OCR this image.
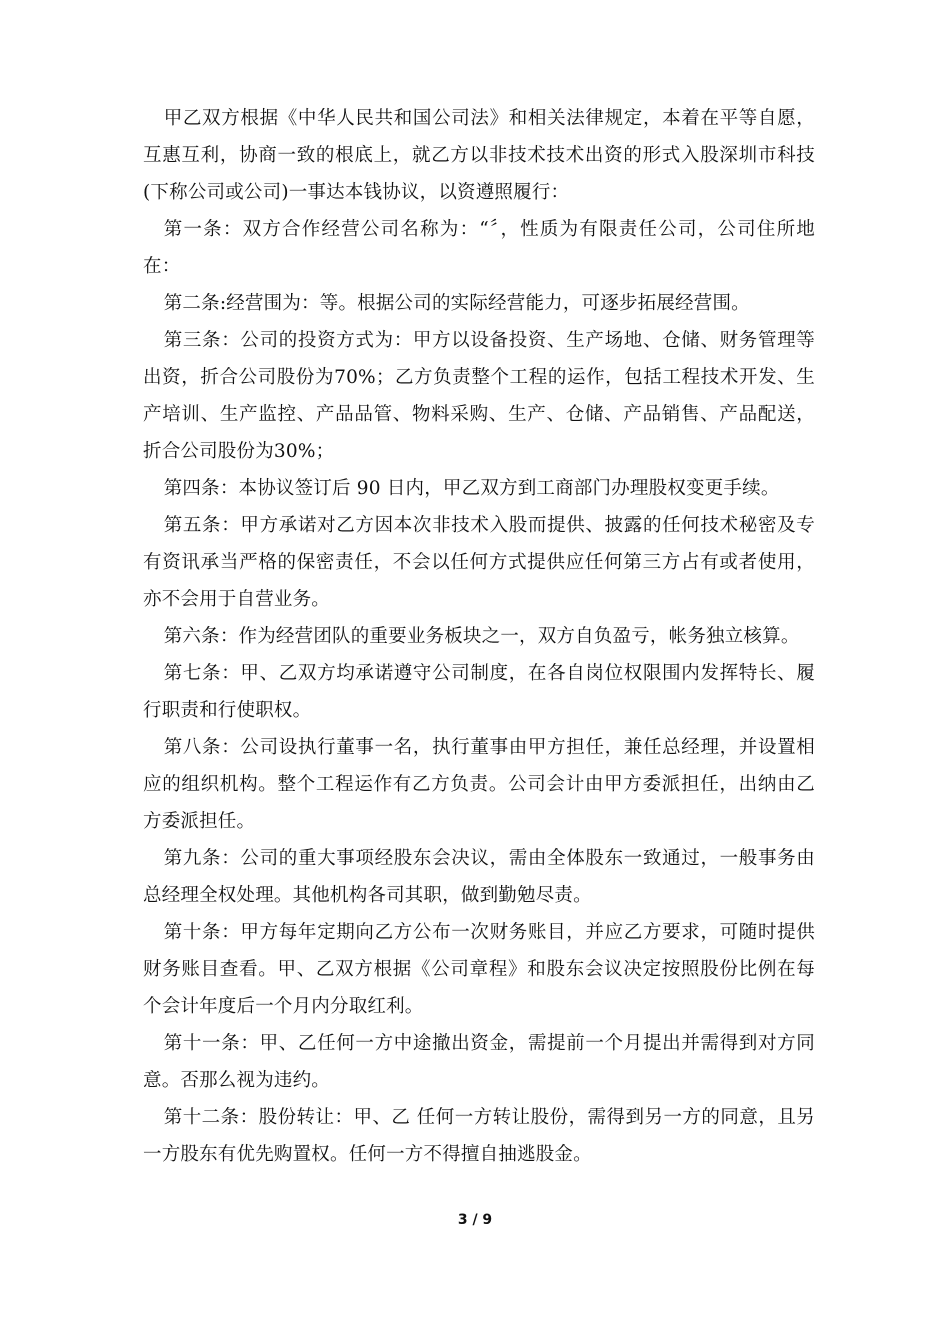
甲乙双方根据《中华人民共和国公司法》和相关法律规定，本着在平等自愿，互惠互利，协商一致的根底上，就乙方以非技术技术出资的形式入股深圳市科技(下称公司或公司)一事达本钱协议，以资遵照履行：

第一条：双方合作经营公司名称为：“〞，性质为有限责任公司，公司住所地在：

第二条:经营围为：等。根据公司的实际经营能力，可逐步拓展经营围。

第三条：公司的投资方式为：甲方以设备投资、生产场地、仓储、财务管理等出资，折合公司股份为70%；乙方负责整个工程的运作，包括工程技术开发、生产培训、生产监控、产品品管、物料采购、生产、仓储、产品销售、产品配送，折合公司股份为30%；

第四条：本协议签订后 90 日内，甲乙双方到工商部门办理股权变更手续。

第五条：甲方承诺对乙方因本次非技术入股而提供、披露的任何技术秘密及专有资讯承当严格的保密责任，不会以任何方式提供应任何第三方占有或者使用，亦不会用于自营业务。

第六条：作为经营团队的重要业务板块之一，双方自负盈亏，帐务独立核算。

第七条：甲、乙双方均承诺遵守公司制度，在各自岗位权限围内发挥特长、履行职责和行使职权。

第八条：公司设执行董事一名，执行董事由甲方担任，兼任总经理，并设置相应的组织机构。整个工程运作有乙方负责。公司会计由甲方委派担任，出纳由乙方委派担任。

第九条：公司的重大事项经股东会决议，需由全体股东一致通过，一般事务由总经理全权处理。其他机构各司其职，做到勤勉尽责。

第十条：甲方每年定期向乙方公布一次财务账目，并应乙方要求，可随时提供财务账目查看。甲、乙双方根据《公司章程》和股东会议决定按照股份比例在每个会计年度后一个月内分取红利。

第十一条：甲、乙任何一方中途撤出资金，需提前一个月提出并需得到对方同意。否那么视为违约。

第十二条：股份转让：甲、乙 任何一方转让股份，需得到另一方的同意，且另一方股东有优先购置权。任何一方不得擅自抽逃股金。

3 / 9
